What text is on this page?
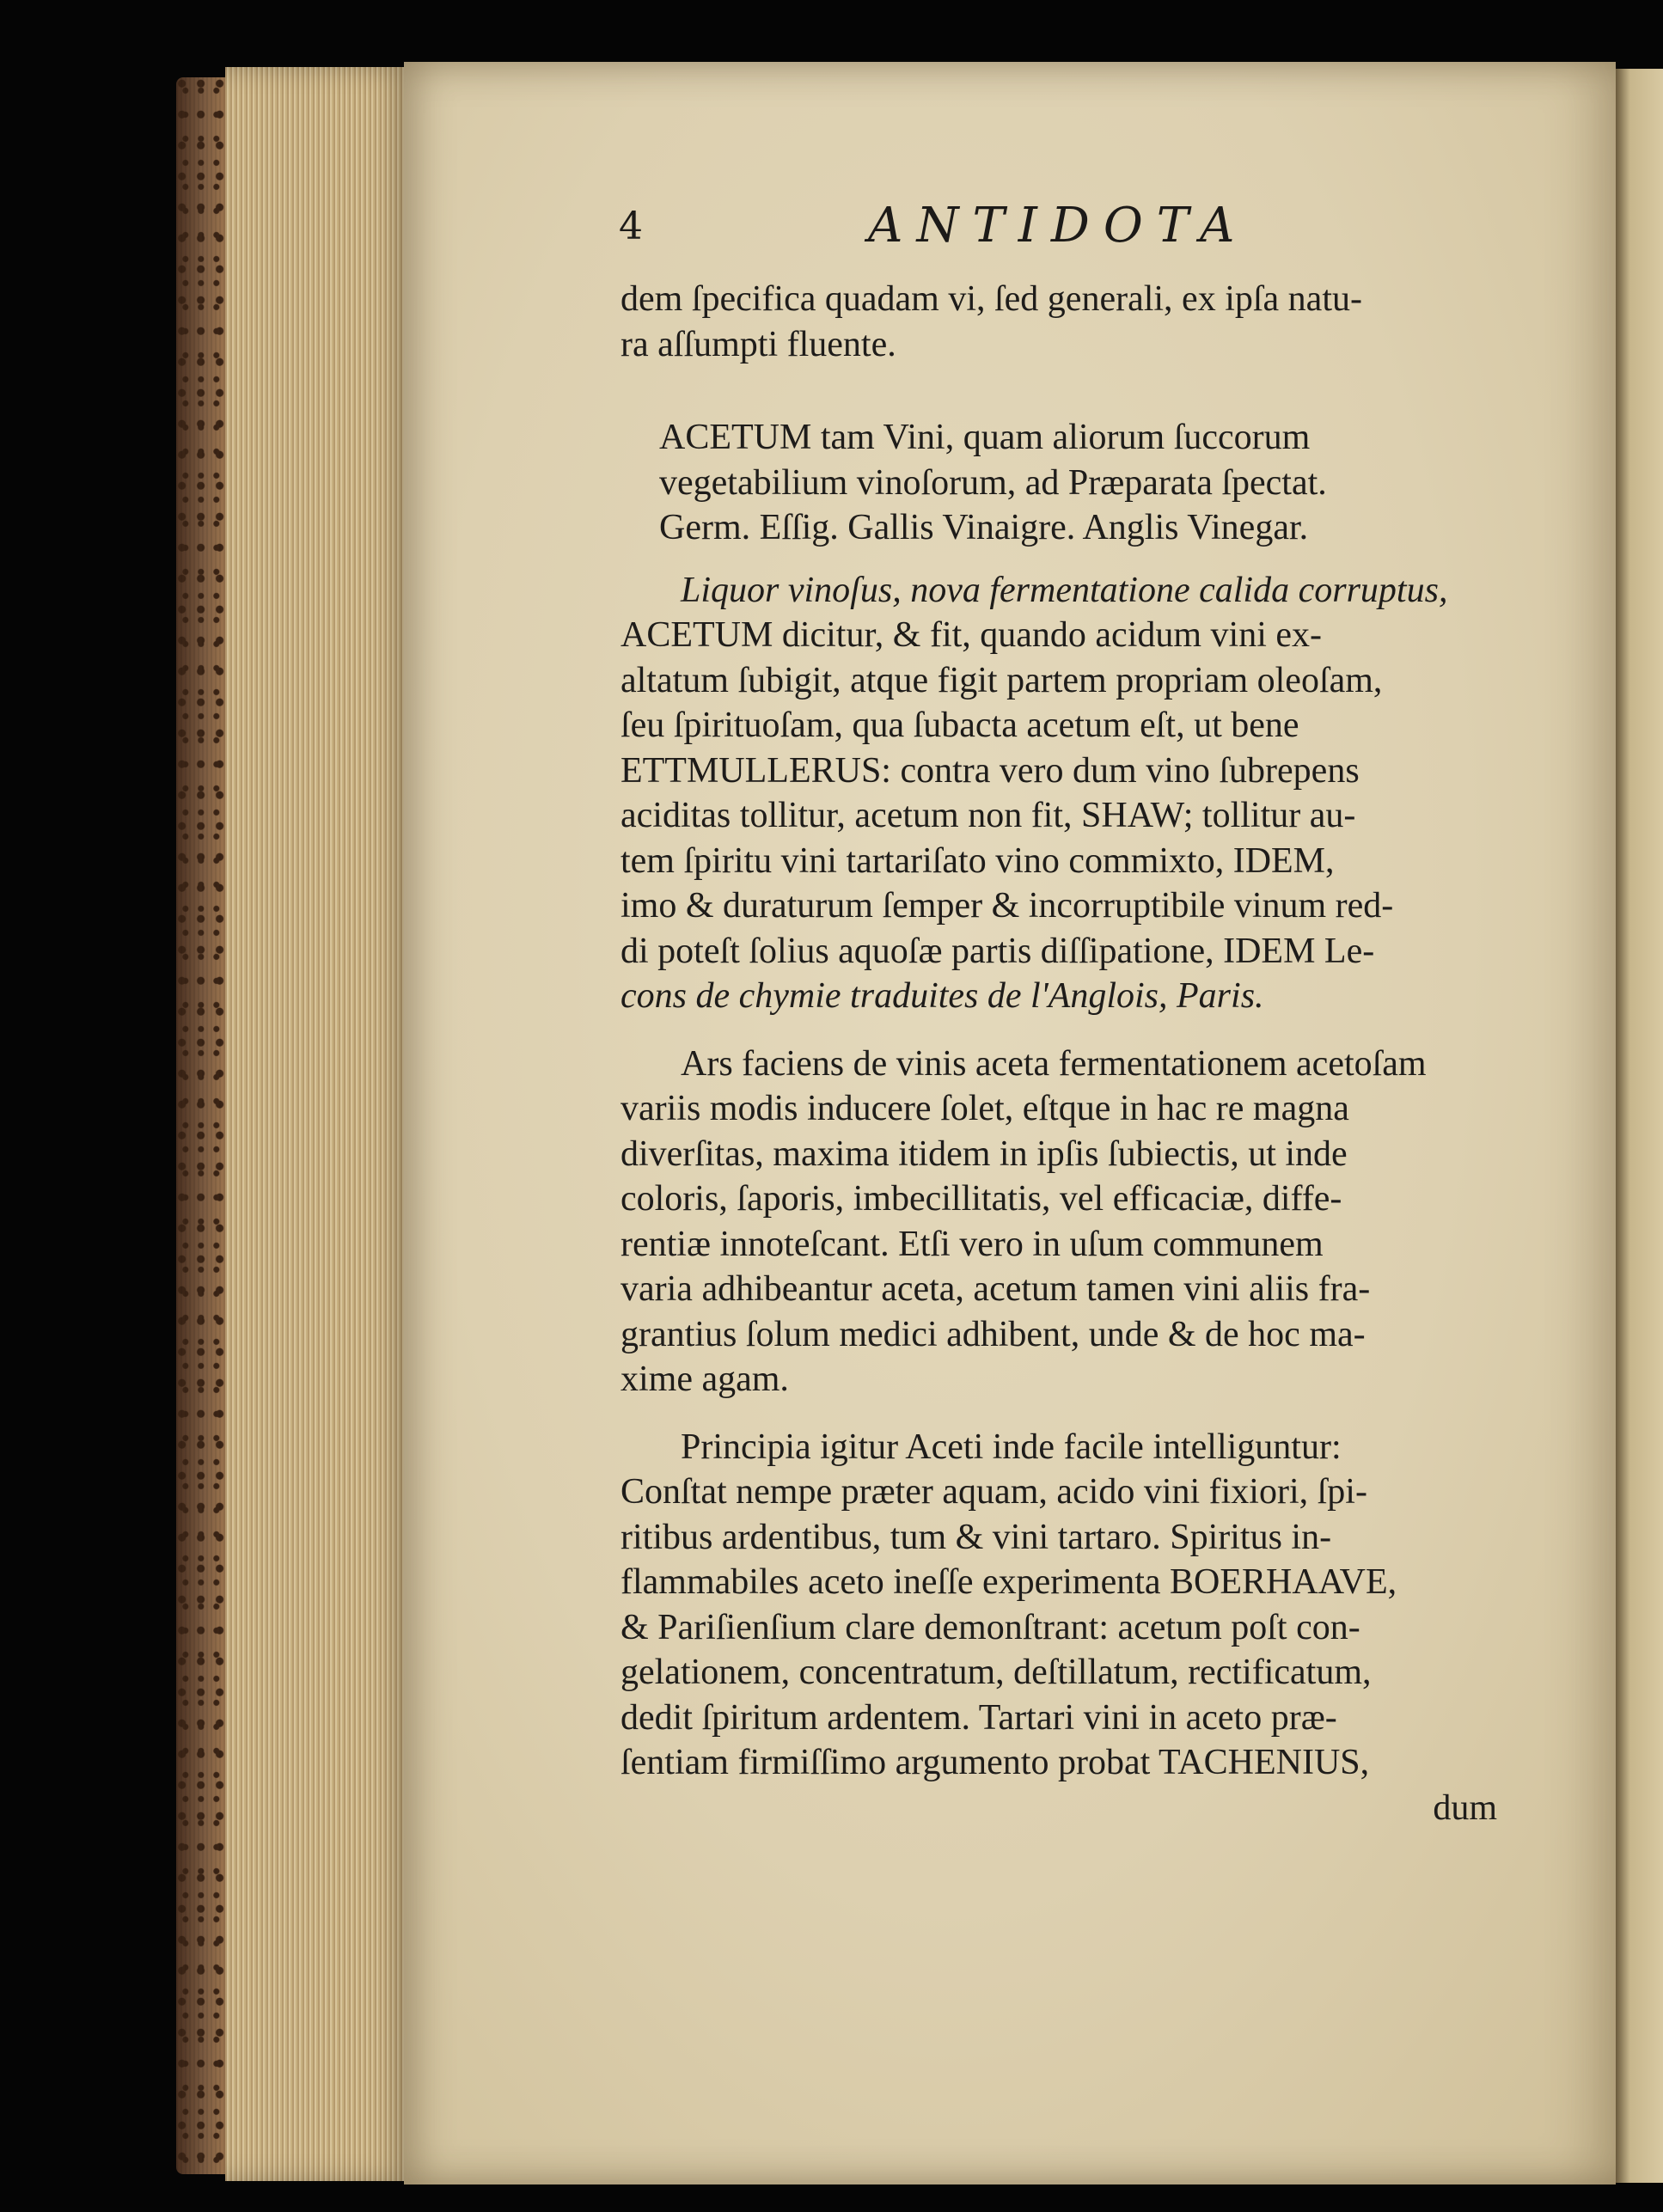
4	ANTIDOTA
dem ſpecifica quadam vi, ſed generali, ex ipſa natu-
ra aſſumpti fluente.
ACETUM tam Vini, quam aliorum ſuccorum
vegetabilium vinoſorum, ad Præparata ſpectat.
Germ. Eſſig. Gallis Vinaigre. Anglis Vinegar.
Liquor vinoſus, nova fermentatione calida corruptus,
ACETUM dicitur, & fit, quando acidum vini ex-
altatum ſubigit, atque figit partem propriam oleoſam,
ſeu ſpirituoſam, qua ſubacta acetum eſt, ut bene
ETTMULLERUS: contra vero dum vino ſubrepens
aciditas tollitur, acetum non fit, SHAW; tollitur au-
tem ſpiritu vini tartariſato vino commixto, IDEM,
imo & duraturum ſemper & incorruptibile vinum red-
di poteſt ſolius aquoſæ partis diſſipatione, IDEM Le-
cons de chymie traduites de l'Anglois, Paris.
Ars faciens de vinis aceta fermentationem acetoſam
variis modis inducere ſolet, eſtque in hac re magna
diverſitas, maxima itidem in ipſis ſubiectis, ut inde
coloris, ſaporis, imbecillitatis, vel efficaciæ, diffe-
rentiæ innoteſcant. Etſi vero in uſum communem
varia adhibeantur aceta, acetum tamen vini aliis fra-
grantius ſolum medici adhibent, unde & de hoc ma-
xime agam.
Principia igitur Aceti inde facile intelliguntur:
Conſtat nempe præter aquam, acido vini fixiori, ſpi-
ritibus ardentibus, tum & vini tartaro. Spiritus in-
flammabiles aceto ineſſe experimenta BOERHAAVE,
& Pariſienſium clare demonſtrant: acetum poſt con-
gelationem, concentratum, deſtillatum, rectificatum,
dedit ſpiritum ardentem. Tartari vini in aceto præ-
ſentiam firmiſſimo argumento probat TACHENIUS,
dum
